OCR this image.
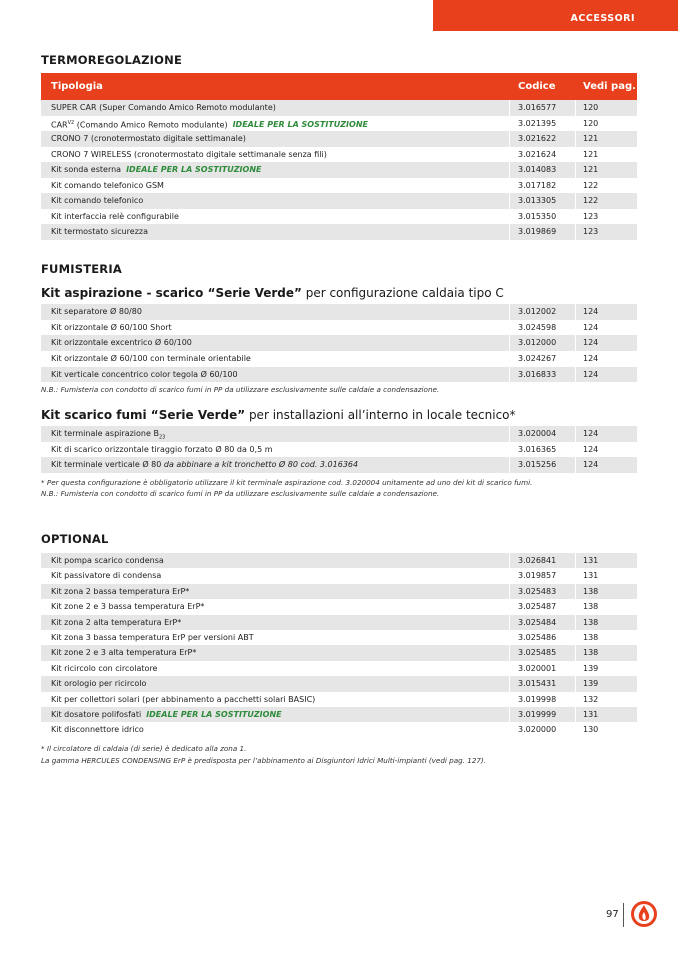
ACCESSORI
TERMOREGOLAZIONE
Tipologia	Codice	Vedi pag.
SUPER CAR (Super Comando Amico Remoto modulante)	3.016577	120
$CAR^{V2}$ (Comando Amico Remoto modulante) IDEALE PER LA SOSTITUZIONE	3.021395	120
CRONO 7 (cronotermostato digitale settimanale)	3.021622	121
CRONO 7 WIRELESS (cronotermostato digitale settimanale senza fili)	3.021624	121
Kit sonda esterna IDEALE PER LA SOSTITUZIONE	3.014083	121
Kit comando telefonico GSM	3.017182	122
Kit comando telefonico	3.013305	122
Kit interfaccia relè configurabile	3.015350	123
Kit termostato sicurezza	3.019869	123
FUMISTERIA
Kit aspirazione - scarico “Serie Verde” per configurazione caldaia tipo C
Kit separatore Ø 80/80	3.012002	124
Kit orizzontale Ø 60/100 Short	3.024598	124
Kit orizzontale excentrico Ø 60/100	3.012000	124
Kit orizzontale Ø 60/100 con terminale orientabile	3.024267	124
Kit verticale concentrico color tegola Ø 60/100	3.016833	124
N.B.: Fumisteria con condotto di scarico fumi in PP da utilizzare esclusivamente sulle caldaie a condensazione.
Kit scarico fumi “Serie Verde” per installazioni all’interno in locale tecnico*
Kit terminale aspirazione $B_{23}$	3.020004	124
Kit di scarico orizzontale tiraggio forzato Ø 80 da 0,5 m	3.016365	124
Kit terminale verticale Ø 80 da abbinare a kit tronchetto Ø 80 cod. 3.016364	3.015256	124
* Per questa configurazione è obbligatorio utilizzare il kit terminale aspirazione cod. 3.020004 unitamente ad uno dei kit di scarico fumi.
N.B.: Fumisteria con condotto di scarico fumi in PP da utilizzare esclusivamente sulle caldaie a condensazione.
OPTIONAL
Kit pompa scarico condensa	3.026841	131
Kit passivatore di condensa	3.019857	131
Kit zona 2 bassa temperatura ErP*	3.025483	138
Kit zone 2 e 3 bassa temperatura ErP*	3.025487	138
Kit zona 2 alta temperatura ErP*	3.025484	138
Kit zona 3 bassa temperatura ErP per versioni ABT	3.025486	138
Kit zone 2 e 3 alta temperatura ErP*	3.025485	138
Kit ricircolo con circolatore	3.020001	139
Kit orologio per ricircolo	3.015431	139
Kit per collettori solari (per abbinamento a pacchetti solari BASIC)	3.019998	132
Kit dosatore polifosfati IDEALE PER LA SOSTITUZIONE	3.019999	131
Kit disconnettore idrico	3.020000	130
* Il circolatore di caldaia (di serie) è dedicato alla zona 1.
La gamma HERCULES CONDENSING ErP è predisposta per l’abbinamento ai Disgiuntori Idrici Multi-impianti (vedi pag. 127).
97
